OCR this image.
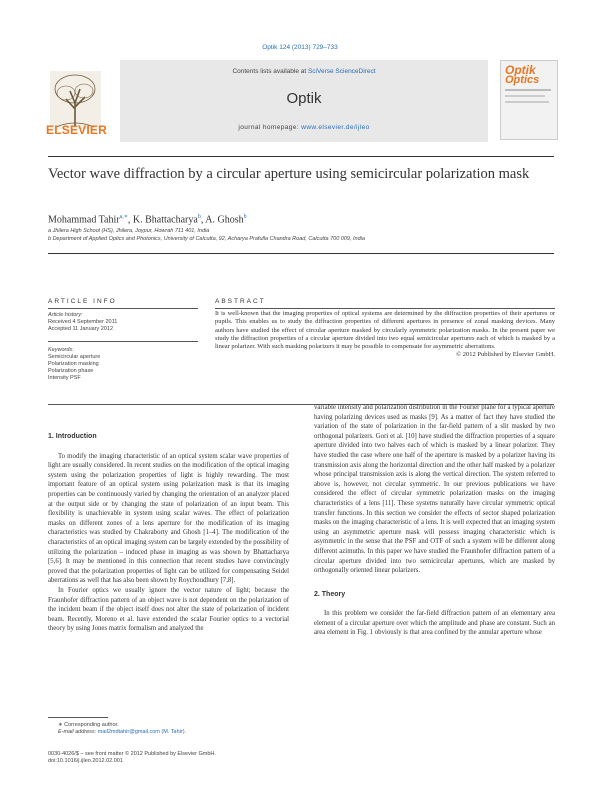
Optik 124 (2013) 729–733
ELSEVIER
Contents lists available at SciVerse ScienceDirect
Optik
journal homepage: www.elsevier.de/ijleo
Optik
Optics
Vector wave diffraction by a circular aperture using semicircular polarization mask
Mohammad Tahir$^{a,∗}$, K. Bhattacharya$^b$, A. Ghosh$^b$
a Jhilera High School (HS), Jhilera, Joypur, Howrah 711 401, India
b Department of Applied Optics and Photonics, University of Calcutta, 92, Acharya Prafulla Chandra Road, Calcutta 700 009, India
ARTICLE INFO
Article history:
Received 4 September 2011
Accepted 11 January 2012
Keywords:
Semicircular aperture
Polarization masking
Polarization phase
Intensity PSF
ABSTRACT
It is well-known that the imaging properties of optical systems are determined by the diffraction properties of their apertures or pupils. This enables us to study the diffraction properties of different apertures in presence of zonal masking devices. Many authors have studied the effect of circular aperture masked by circularly symmetric polarization masks. In the present paper we study the diffraction properties of a circular aperture divided into two equal semicircular apertures each of which is masked by a linear polarizer. With such masking polarizers it may be possible to compensate for asymmetric aberrations.
© 2012 Published by Elsevier GmbH.
1. Introduction

To modify the imaging characteristic of an optical system scalar wave properties of light are usually considered. In recent studies on the modification of the optical imaging system using the polarization properties of light is highly rewarding. The most important feature of an optical system using polarization mask is that its imaging properties can be continuously varied by changing the orientation of an analyzer placed at the output side or by changing the state of polarization of an input beam. This flexibility is unachievable in system using scalar waves. The effect of polarization masks on different zones of a lens aperture for the modification of its imaging characteristics was studied by Chakraborty and Ghosh [1–4]. The modification of the characteristics of an optical imaging system can be largely extended by the possibility of utilizing the polarization – induced phase in imaging as was shown by Bhattacharya [5,6]. It may be mentioned in this connection that recent studies have convincingly proved that the polarization properties of light can be utilized for compensating Seidel aberrations as well that has also been shown by Roychoudhury [7,8].

In Fourier optics we usually ignore the vector nature of light; because the Fraunhofer diffraction pattern of an object wave is not dependent on the polarization of the incident beam if the object itself does not alter the state of polarization of incident beam. Recently, Moreno et al. have extended the scalar Fourier optics to a vectorial theory by using Jones matrix formalism and analyzed the

variable intensity and polarization distribution in the Fourier plane for a typical aperture having polarizing devices used as masks [9]. As a matter of fact they have studied the variation of the state of polarization in the far-field pattern of a slit masked by two orthogonal polarizers. Gori et al. [10] have studied the diffraction properties of a square aperture divided into two halves each of which is masked by a linear polarizer. They have studied the case where one half of the aperture is masked by a polarizer having its transmission axis along the horizontal direction and the other half masked by a polarizer whose principal transmission axis is along the vertical direction. The system referred to above is, however, not circular symmetric. In our previous publications we have considered the effect of circular symmetric polarization masks on the imaging characteristics of a lens [11]. These systems naturally have circular symmetric optical transfer functions. In this section we consider the effects of sector shaped polarization masks on the imaging characteristic of a lens. It is well expected that an imaging system using an asymmetric aperture mask will possess imaging characteristic which is asymmetric in the sense that the PSF and OTF of such a system will be different along different azimuths. In this paper we have studied the Fraunhofer diffraction pattern of a circular aperture divided into two semicircular apertures, which are masked by orthogonally oriented linear polarizers.

2. Theory

In this problem we consider the far-field diffraction pattern of an elementary area element of a circular aperture over which the amplitude and phase are constant. Such an area element in Fig. 1 obviously is that area confined by the annular aperture whose

∗ Corresponding author.
E-mail address: mail2mdtahir@gmail.com (M. Tahir).
0030-4026/$ – see front matter © 2012 Published by Elsevier GmbH.
doi:10.1016/j.ijleo.2012.02.001
